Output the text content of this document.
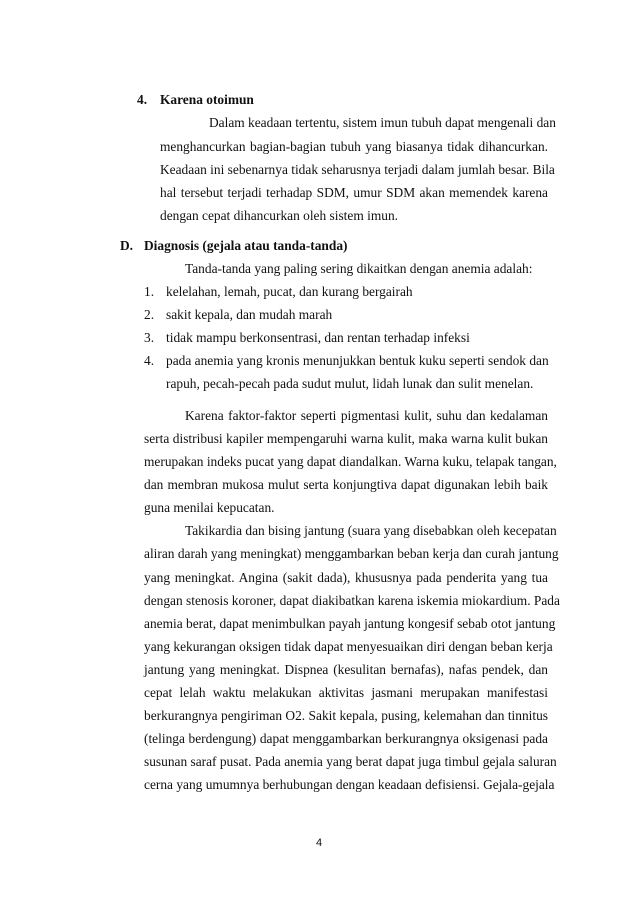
4. Karena otoimun
Dalam keadaan tertentu, sistem imun tubuh dapat mengenali dan
menghancurkan bagian-bagian tubuh yang biasanya tidak dihancurkan.
Keadaan ini sebenarnya tidak seharusnya terjadi dalam jumlah besar. Bila
hal tersebut terjadi terhadap SDM, umur SDM akan memendek karena
dengan cepat dihancurkan oleh sistem imun.
D. Diagnosis (gejala atau tanda-tanda)
Tanda-tanda yang paling sering dikaitkan dengan anemia adalah:
1. kelelahan, lemah, pucat, dan kurang bergairah
2. sakit kepala, dan mudah marah
3. tidak mampu berkonsentrasi, dan rentan terhadap infeksi
4. pada anemia yang kronis menunjukkan bentuk kuku seperti sendok dan
rapuh, pecah-pecah pada sudut mulut, lidah lunak dan sulit menelan.
Karena faktor-faktor seperti pigmentasi kulit, suhu dan kedalaman
serta distribusi kapiler mempengaruhi warna kulit, maka warna kulit bukan
merupakan indeks pucat yang dapat diandalkan. Warna kuku, telapak tangan,
dan membran mukosa mulut serta konjungtiva dapat digunakan lebih baik
guna menilai kepucatan.
Takikardia dan bising jantung (suara yang disebabkan oleh kecepatan
aliran darah yang meningkat) menggambarkan beban kerja dan curah jantung
yang meningkat. Angina (sakit dada), khususnya pada penderita yang tua
dengan stenosis koroner, dapat diakibatkan karena iskemia miokardium. Pada
anemia berat, dapat menimbulkan payah jantung kongesif sebab otot jantung
yang kekurangan oksigen tidak dapat menyesuaikan diri dengan beban kerja
jantung yang meningkat. Dispnea (kesulitan bernafas), nafas pendek, dan
cepat lelah waktu melakukan aktivitas jasmani merupakan manifestasi
berkurangnya pengiriman O2. Sakit kepala, pusing, kelemahan dan tinnitus
(telinga berdengung) dapat menggambarkan berkurangnya oksigenasi pada
susunan saraf pusat. Pada anemia yang berat dapat juga timbul gejala saluran
cerna yang umumnya berhubungan dengan keadaan defisiensi. Gejala-gejala
4
